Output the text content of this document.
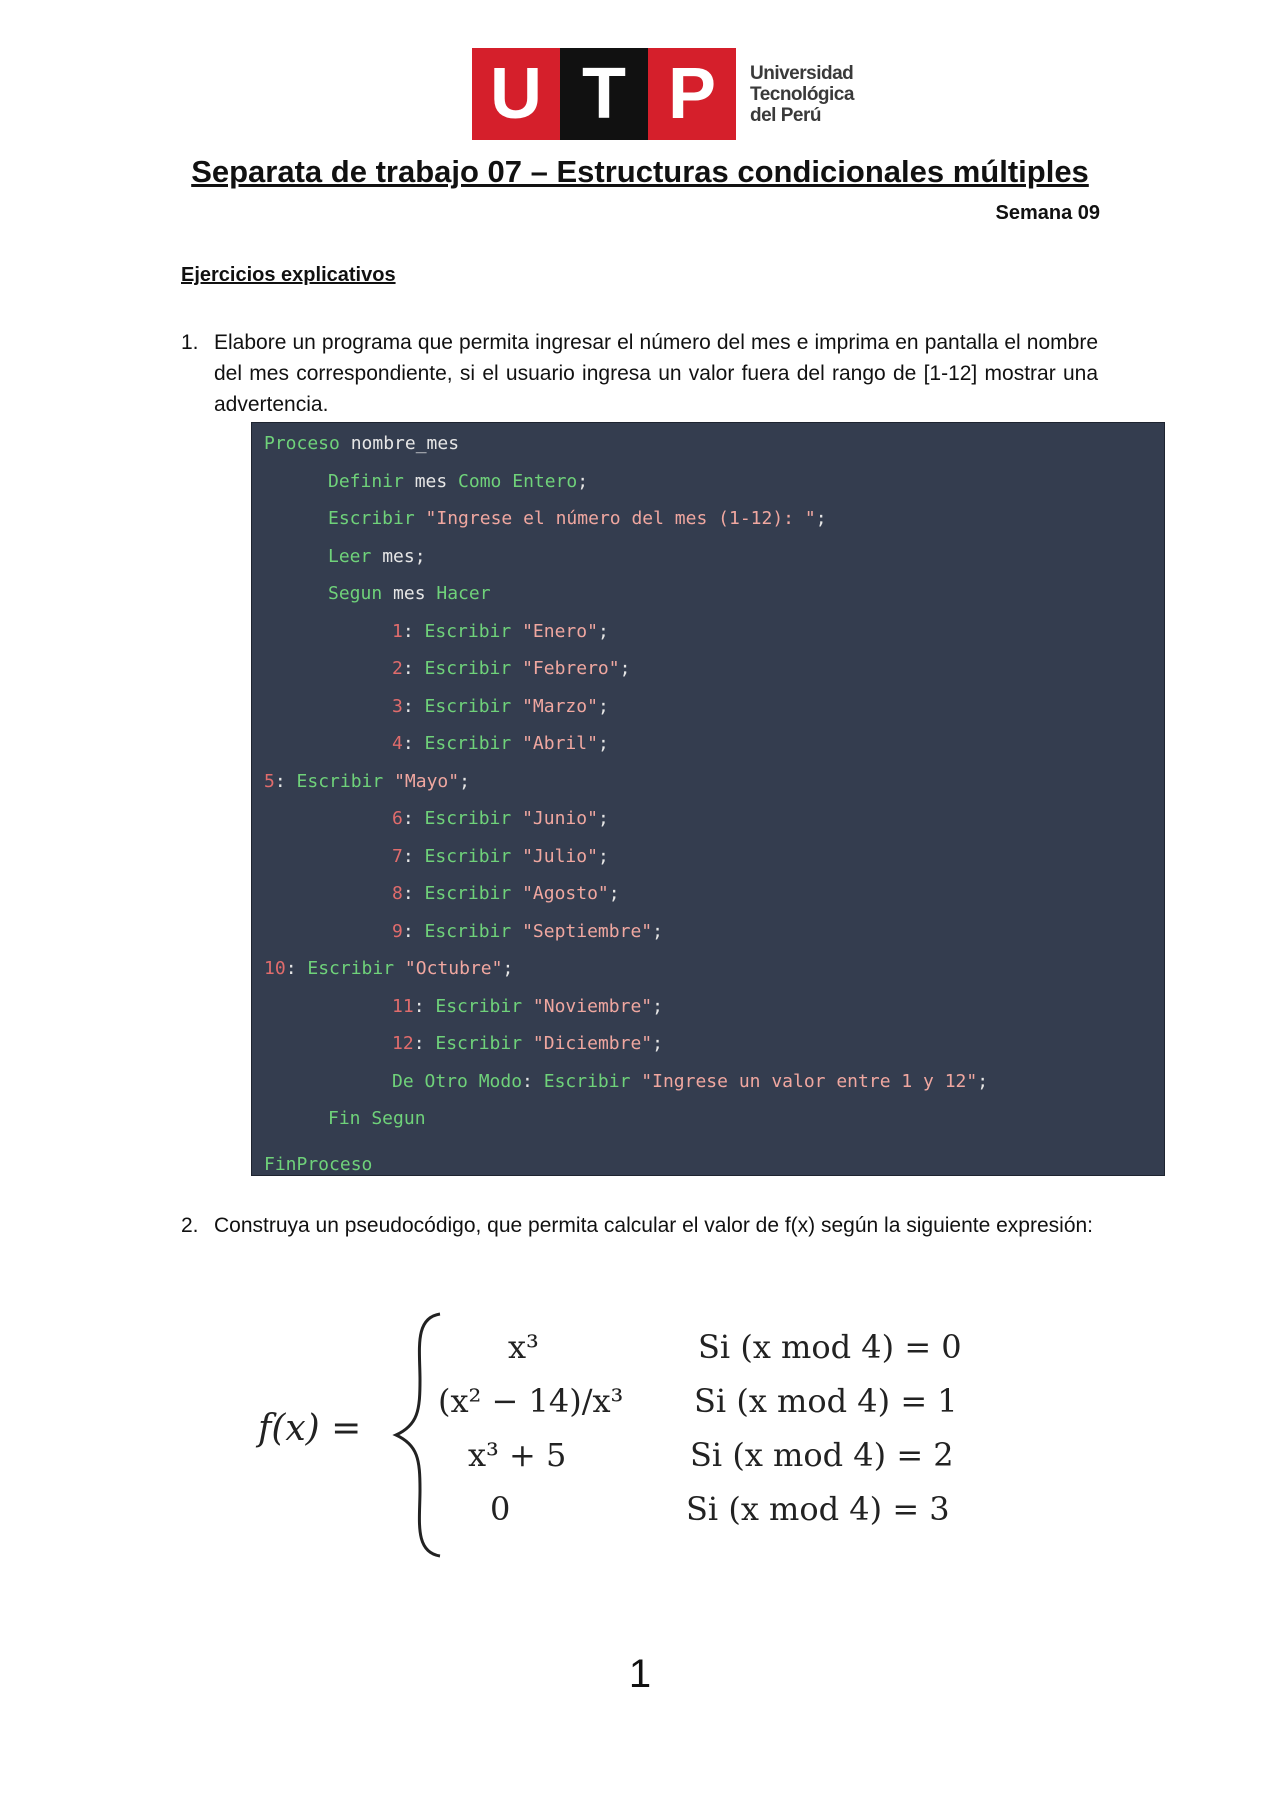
U T P	Universidad
Tecnológica
del Perú
Separata de trabajo 07 – Estructuras condicionales múltiples
Semana 09
Ejercicios explicativos
1. Elabore un programa que permita ingresar el número del mes e imprima en pantalla el nombre del mes correspondiente, si el usuario ingresa un valor fuera del rango de [1-12] mostrar una advertencia.
Proceso nombre_mes
Definir mes Como Entero;
Escribir "Ingrese el número del mes (1-12): ";
Leer mes;
Segun mes Hacer
1: Escribir "Enero";
2: Escribir "Febrero";
3: Escribir "Marzo";
4: Escribir "Abril";
5: Escribir "Mayo";
6: Escribir "Junio";
7: Escribir "Julio";
8: Escribir "Agosto";
9: Escribir "Septiembre";
10: Escribir "Octubre";
11: Escribir "Noviembre";
12: Escribir "Diciembre";
De Otro Modo: Escribir "Ingrese un valor entre 1 y 12";
Fin Segun
FinProceso
2. Construya un pseudocódigo, que permita calcular el valor de f(x) según la siguiente expresión:
f(x) =
x³	Si (x mod 4) = 0
(x² − 14)/x³ Si (x mod 4) = 1
x³ + 5	Si (x mod 4) = 2
0	Si (x mod 4) = 3
1
